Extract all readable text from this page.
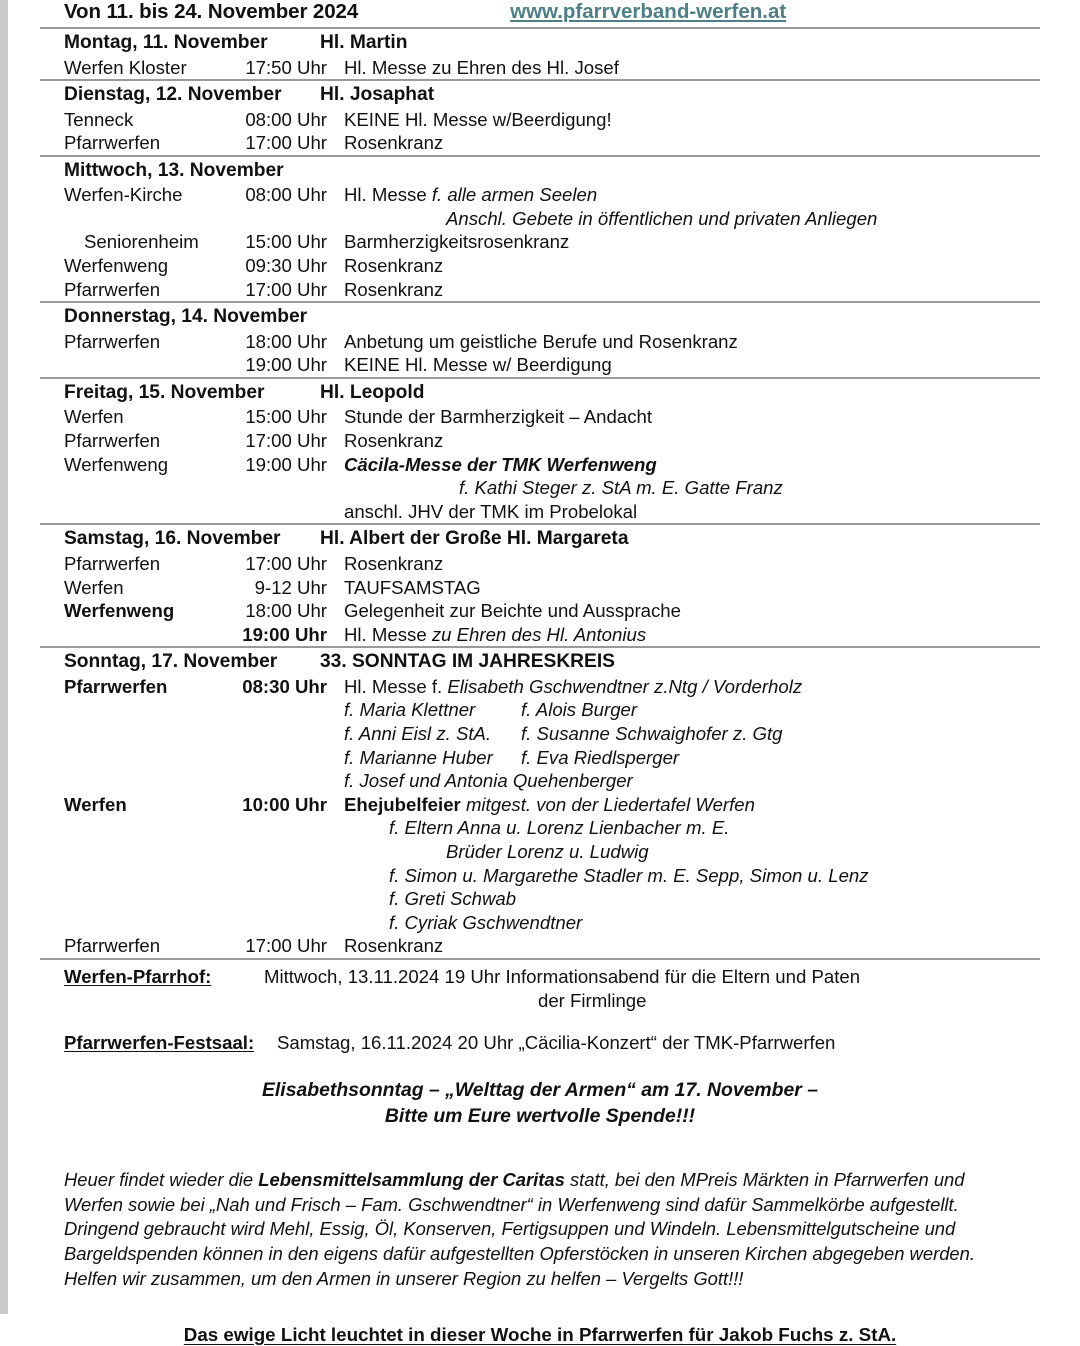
Von 11. bis 24. November 2024	www.pfarrverband-werfen.at
Montag, 11. November	Hl. Martin
Werfen Kloster	17:50 Uhr Hl. Messe zu Ehren des Hl. Josef
Dienstag, 12. November	Hl. Josaphat
Tenneck	08:00 Uhr KEINE Hl. Messe w/Beerdigung!
Pfarrwerfen	17:00 Uhr Rosenkranz
Mittwoch, 13. November
Werfen-Kirche	08:00 Uhr Hl. Messe f. alle armen Seelen
Anschl. Gebete in öffentlichen und privaten Anliegen
Seniorenheim	15:00 Uhr Barmherzigkeitsrosenkranz
Werfenweng	09:30 Uhr Rosenkranz
Pfarrwerfen	17:00 Uhr Rosenkranz
Donnerstag, 14. November
Pfarrwerfen	18:00 Uhr Anbetung um geistliche Berufe und Rosenkranz
19:00 Uhr KEINE Hl. Messe w/ Beerdigung
Freitag, 15. November	Hl. Leopold
Werfen	15:00 Uhr Stunde der Barmherzigkeit – Andacht
Pfarrwerfen	17:00 Uhr Rosenkranz
Werfenweng	19:00 Uhr Cäcila-Messe der TMK Werfenweng
f. Kathi Steger z. StA m. E. Gatte Franz
anschl. JHV der TMK im Probelokal
Samstag, 16. November	Hl. Albert der Große Hl. Margareta
Pfarrwerfen	17:00 Uhr Rosenkranz
Werfen	9-12 Uhr TAUFSAMSTAG
Werfenweng	18:00 Uhr Gelegenheit zur Beichte und Aussprache
19:00 Uhr Hl. Messe zu Ehren des Hl. Antonius
Sonntag, 17. November	33. SONNTAG IM JAHRESKREIS
Pfarrwerfen	08:30 Uhr Hl. Messe f. Elisabeth Gschwendtner z.Ntg / Vorderholz
f. Maria Klettner	f. Alois Burger
f. Anni Eisl z. StA.	f. Susanne Schwaighofer z. Gtg
f. Marianne Huber	f. Eva Riedlsperger
f. Josef und Antonia Quehenberger
Werfen	10:00 Uhr Ehejubelfeier mitgest. von der Liedertafel Werfen
f. Eltern Anna u. Lorenz Lienbacher m. E.
Brüder Lorenz u. Ludwig
f. Simon u. Margarethe Stadler m. E. Sepp, Simon u. Lenz
f. Greti Schwab
f. Cyriak Gschwendtner
Pfarrwerfen	17:00 Uhr Rosenkranz
Werfen-Pfarrhof:	Mittwoch, 13.11.2024 19 Uhr Informationsabend für die Eltern und Paten
der Firmlinge
Pfarrwerfen-Festsaal:	Samstag, 16.11.2024 20 Uhr „Cäcilia-Konzert“ der TMK-Pfarrwerfen
Elisabethsonntag – „Welttag der Armen“ am 17. November –
Bitte um Eure wertvolle Spende!!!

Heuer findet wieder die Lebensmittelsammlung der Caritas statt, bei den MPreis Märkten in Pfarrwerfen und Werfen sowie bei „Nah und Frisch – Fam. Gschwendtner“ in Werfenweng sind dafür Sammelkörbe aufgestellt. Dringend gebraucht wird Mehl, Essig, Öl, Konserven, Fertigsuppen und Windeln. Lebensmittelgutscheine und Bargeldspenden können in den eigens dafür aufgestellten Opferstöcken in unseren Kirchen abgegeben werden. Helfen wir zusammen, um den Armen in unserer Region zu helfen – Vergelts Gott!!!

Das ewige Licht leuchtet in dieser Woche in Pfarrwerfen für Jakob Fuchs z. StA.
